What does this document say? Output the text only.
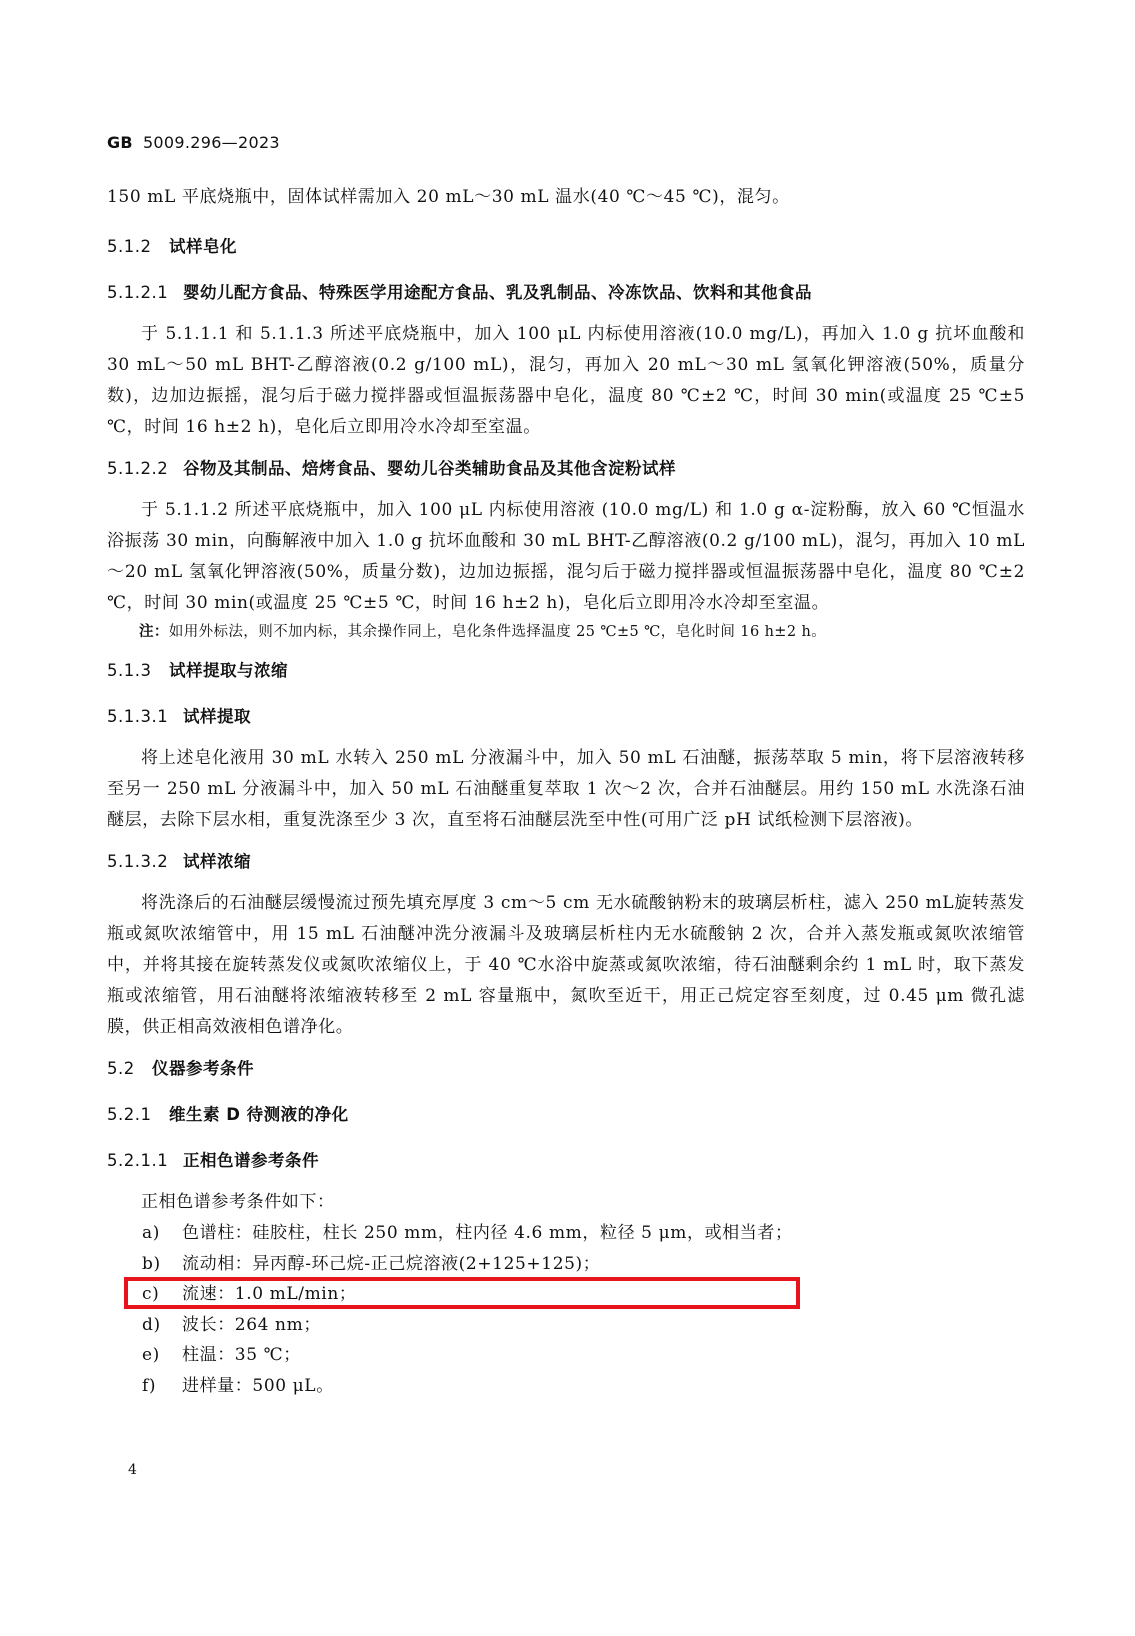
GB 5009.296—2023

150 mL 平底烧瓶中，固体试样需加入 20 mL～30 mL 温水(40 ℃～45 ℃)，混匀。

5.1.2 试样皂化
5.1.2.1 婴幼儿配方食品、特殊医学用途配方食品、乳及乳制品、冷冻饮品、饮料和其他食品

于 5.1.1.1 和 5.1.1.3 所述平底烧瓶中，加入 100 μL 内标使用溶液(10.0 mg/L)，再加入 1.0 g 抗坏血酸和 30 mL～50 mL BHT-乙醇溶液(0.2 g/100 mL)，混匀，再加入 20 mL～30 mL 氢氧化钾溶液(50%，质量分数)，边加边振摇，混匀后于磁力搅拌器或恒温振荡器中皂化，温度 80 ℃±2 ℃，时间 30 min(或温度 25 ℃±5 ℃，时间 16 h±2 h)，皂化后立即用冷水冷却至室温。

5.1.2.2 谷物及其制品、焙烤食品、婴幼儿谷类辅助食品及其他含淀粉试样

于 5.1.1.2 所述平底烧瓶中，加入 100 μL 内标使用溶液 (10.0 mg/L) 和 1.0 g α-淀粉酶，放入 60 ℃恒温水浴振荡 30 min，向酶解液中加入 1.0 g 抗坏血酸和 30 mL BHT-乙醇溶液(0.2 g/100 mL)，混匀，再加入 10 mL～20 mL 氢氧化钾溶液(50%，质量分数)，边加边振摇，混匀后于磁力搅拌器或恒温振荡器中皂化，温度 80 ℃±2 ℃，时间 30 min(或温度 25 ℃±5 ℃，时间 16 h±2 h)，皂化后立即用冷水冷却至室温。

注：如用外标法，则不加内标，其余操作同上，皂化条件选择温度 25 ℃±5 ℃，皂化时间 16 h±2 h。
5.1.3 试样提取与浓缩
5.1.3.1 试样提取

将上述皂化液用 30 mL 水转入 250 mL 分液漏斗中，加入 50 mL 石油醚，振荡萃取 5 min，将下层溶液转移至另一 250 mL 分液漏斗中，加入 50 mL 石油醚重复萃取 1 次～2 次，合并石油醚层。用约 150 mL 水洗涤石油醚层，去除下层水相，重复洗涤至少 3 次，直至将石油醚层洗至中性(可用广泛 pH 试纸检测下层溶液)。

5.1.3.2 试样浓缩

将洗涤后的石油醚层缓慢流过预先填充厚度 3 cm～5 cm 无水硫酸钠粉末的玻璃层析柱，滤入 250 mL旋转蒸发瓶或氮吹浓缩管中，用 15 mL 石油醚冲洗分液漏斗及玻璃层析柱内无水硫酸钠 2 次，合并入蒸发瓶或氮吹浓缩管中，并将其接在旋转蒸发仪或氮吹浓缩仪上，于 40 ℃水浴中旋蒸或氮吹浓缩，待石油醚剩余约 1 mL 时，取下蒸发瓶或浓缩管，用石油醚将浓缩液转移至 2 mL 容量瓶中，氮吹至近干，用正己烷定容至刻度，过 0.45 μm 微孔滤膜，供正相高效液相色谱净化。

5.2 仪器参考条件
5.2.1 维生素 D 待测液的净化
5.2.1.1 正相色谱参考条件

正相色谱参考条件如下：

a) 色谱柱：硅胶柱，柱长 250 mm，柱内径 4.6 mm，粒径 5 μm，或相当者；
b) 流动相：异丙醇-环己烷-正己烷溶液(2+125+125)；
c) 流速：1.0 mL/min；
d) 波长：264 nm；
e) 柱温：35 ℃；
f) 进样量：500 μL。
4
